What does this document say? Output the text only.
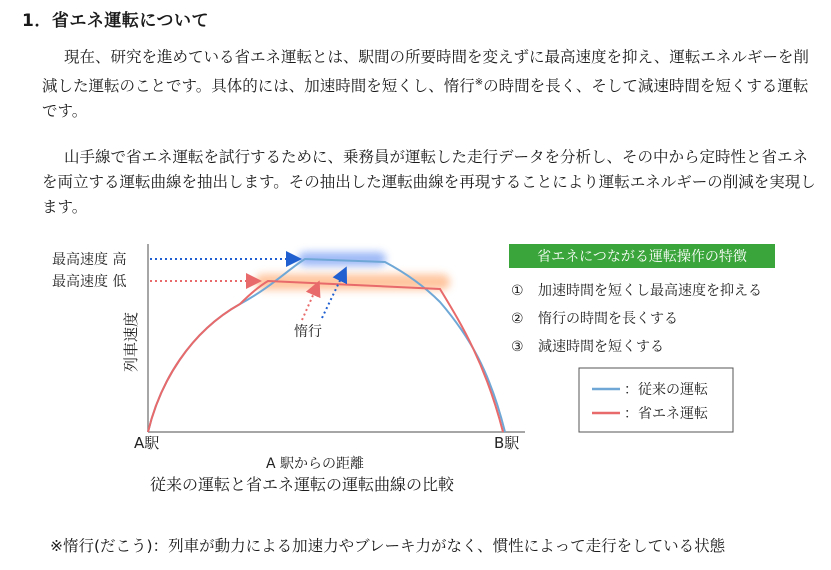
1．省エネ運転について

現在、研究を進めている省エネ運転とは、駅間の所要時間を変えずに最高速度を抑え、運転エネルギーを削減した運転のことです。具体的には、加速時間を短くし、惰行※の時間を長く、そして減速時間を短くする運転です。

山手線で省エネ運転を試行するために、乗務員が運転した走行データを分析し、その中から定時性と省エネを両立する運転曲線を抽出します。その抽出した運転曲線を再現することにより運転エネルギーの削減を実現します。

最高速度 高
最高速度 低
列車速度	惰行
A駅	B駅
A 駅からの距離
省エネにつながる運転操作の特徴
① 加速時間を短くし最高速度を抑える
② 惰行の時間を長くする
③ 減速時間を短くする
：従来の運転
：省エネ運転
従来の運転と省エネ運転の運転曲線の比較
※惰行(だこう)：列車が動力による加速力やブレーキ力がなく、慣性によって走行をしている状態
